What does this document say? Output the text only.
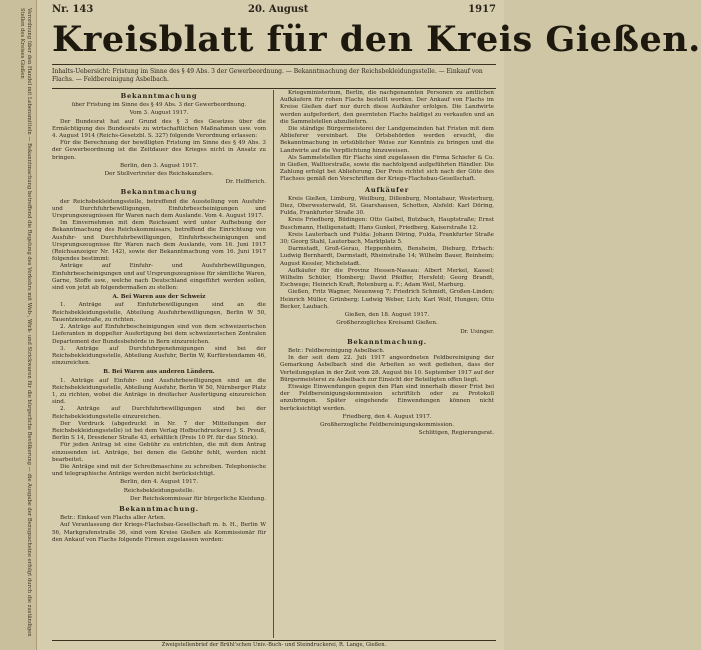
Verordnung über den Handel mit Lebensmitteln — Bekanntmachung betreffend die Regelung des Verkehrs mit Web-, Wirk- und Strickwaren für die bürgerliche Bevölkerung — die Ausgabe der Bezugsscheine erfolgt durch die zuständigen Stellen des Kreises Gießen	Nr. 143	20. August	1917
Kreisblatt für den Kreis Gießen.
Inhalts-Uebersicht: Fristung im Sinne des § 49 Abs. 3 der Gewerbeordnung. — Bekanntmachung der Reichsbekleidungsstelle. — Einkauf von Flachs. — Feldbereinigung Asbelbach.
Bekanntmachung
über Fristung im Sinne des § 49 Abs. 3 der Gewerbeordnung.
Vom 3. August 1917.
Der Bundesrat hat auf Grund des § 3 des Gesetzes über die Ermächtigung des Bundesrats zu wirtschaftlichen Maßnahmen usw. vom 4. August 1914 (Reichs-Gesetzbl. S. 327) folgende Verordnung erlassen:
Für die Berechnung der bewilligten Fristung im Sinne des § 49 Abs. 3 der Gewerbeordnung ist die Zeitdauer des Krieges nicht in Ansatz zu bringen.
Berlin, den 3. August 1917.
Der Stellvertreter des Reichskanzlers.
Dr. Helfferich.
Bekanntmachung
der Reichsbekleidungsstelle, betreffend die Ausstellung von Ausfuhr- und Durchfuhrbewilligungen, Einfuhrbescheinigungen und Ursprungszeugnissen für Waren nach dem Auslande. Vom 4. August 1917.
Im Einvernehmen mit dem Reichsamt wird unter Aufhebung der Bekanntmachung des Reichskommissars, betreffend die Einrichtung von Ausfuhr- und Durchfuhrbewilligungen, Einfuhrbescheinigungen und Ursprungszeugnisse für Waren nach dem Auslande, vom 16. Juni 1917 (Reichsanzeiger Nr. 142), sowie der Bekanntmachung vom 16. Juni 1917 folgendes bestimmt:
Anträge auf Einfuhr- und Ausfuhrbewilligungen, Einfuhrbescheinigungen und auf Ursprungszeugnisse für sämtliche Waren, Garne, Stoffe usw., welche nach Deutschland eingeführt werden sollen, sind von jetzt ab folgendermaßen zu stellen:
A. Bei Waren aus der Schweiz
1. Anträge auf Einfuhrbewilligungen sind an die Reichsbekleidungsstelle, Abteilung Ausfuhrbewilligungen, Berlin W 50, Tauentzienstraße, zu richten.
2. Anträge auf Einfuhrbescheinigungen sind von dem schweizerischen Lieferanten in doppelter Ausfertigung bei dem schweizerischen Zentralen Departement der Bundesbehörde in Bern einzureichen.
3. Anträge auf Durchfuhrgenehmigungen sind bei der Reichsbekleidungsstelle, Abteilung Ausfuhr, Berlin W, Kurfürstendamm 46, einzureichen.
B. Bei Waren aus anderen Ländern.
1. Anträge auf Einfuhr- und Ausfuhrbewilligungen sind an die Reichsbekleidungsstelle, Abteilung Ausfuhr, Berlin W 50, Nürnberger Platz 1, zu richten, wobei die Anträge in dreifacher Ausfertigung einzureichen sind.
2. Anträge auf Durchfuhrbewilligungen sind bei der Reichsbekleidungsstelle einzureichen.
Der Vordruck (abgedruckt in Nr. 7 der Mitteilungen der Reichsbekleidungsstelle) ist bei dem Verlag Hofbuchdruckerei J. S. Preuß, Berlin S 14, Dresdener Straße 43, erhältlich (Preis 10 Pf. für das Stück).
Für jeden Antrag ist eine Gebühr zu entrichten, die mit dem Antrag einzusenden ist. Anträge, bei denen die Gebühr fehlt, werden nicht bearbeitet.
Die Anträge sind mit der Schreibmaschine zu schreiben. Telephonische und telegraphische Anträge werden nicht berücksichtigt.
Berlin, den 4. August 1917.
Reichsbekleidungsstelle.
Der Reichskommissar für bürgerliche Kleidung.
Bekanntmachung.
Betr.: Einkauf von Flachs aller Arten.
Auf Veranlassung der Kriegs-Flachsbau-Gesellschaft m. b. H., Berlin W 56, Markgrafenstraße 36, sind vom Kreise Gießen als Kommissionär für den Ankauf von Flachs folgende Firmen zugelassen worden:
Kriegsministerium, Berlin, die nachgenannten Personen zu amtlichen Aufkäufern für rohen Flachs bestellt worden. Der Ankauf von Flachs im Kreise Gießen darf nur durch diese Aufkäufer erfolgen. Die Landwirte werden aufgefordert, den geernteten Flachs baldigst zu verkaufen und an die Sammelstellen abzuliefern.
Die ständige Bürgermeisterei der Landgemeinden hat Fristen mit dem Ablieferer vereinbart. Die Ortsbehörden werden ersucht, die Bekanntmachung in ortsüblicher Weise zur Kenntnis zu bringen und die Landwirte auf die Verpflichtung hinzuweisen.
Als Sammelstellen für Flachs sind zugelassen die Firma Schiefer & Co. in Gießen, Walltorstraße, sowie die nachfolgend aufgeführten Händler. Die Zahlung erfolgt bei Ablieferung. Der Preis richtet sich nach der Güte des Flachses gemäß den Vorschriften der Kriegs-Flachsbau-Gesellschaft.
Aufkäufer
Kreis Gießen, Limburg, Weilburg, Dillenburg, Montabaur, Westerburg, Diez, Oberwesterwald, St. Goarshausen, Schotten, Alsfeld: Karl Döring, Fulda, Frankfurter Straße 30.
Kreis Friedberg, Büdingen: Otto Gaibel, Butzbach, Hauptstraße; Ernst Buschmann, Heiligenstadt; Hans Gunkel, Friedberg, Kaiserstraße 12.
Kreis Lauterbach und Fulda: Johann Döring, Fulda, Frankfurter Straße 30; Georg Stahl, Lauterbach, Marktplatz 5.
Darmstadt, Groß-Gerau, Heppenheim, Bensheim, Dieburg, Erbach: Ludwig Bernhardt, Darmstadt, Rheinstraße 14; Wilhelm Bauer, Reinheim; August Kessler, Michelstadt.
Aufkäufer für die Provinz Hessen-Nassau: Albert Merkel, Kassel; Wilhelm Schüler, Homberg; David Pfeiffer, Hersfeld; Georg Brandt, Eschwege; Heinrich Kraft, Rotenburg a. F.; Adam Weil, Marburg.
Gießen, Fritz Wagner, Neuenweg 7; Friedrich Schmidt, Großen-Linden; Heinrich Müller, Grünberg; Ludwig Weber, Lich; Karl Wolf, Hungen; Otto Becker, Laubach.
Gießen, den 18. August 1917.
Großherzogliches Kreisamt Gießen.
Dr. Usinger.
Bekanntmachung.
Betr.: Feldbereinigung Asbelbach.
In der seit dem 22. Juli 1917 angeordneten Feldbereinigung der Gemarkung Asbelbach sind die Arbeiten so weit gediehen, dass der Verteilungsplan in der Zeit vom 28. August bis 10. September 1917 auf der Bürgermeisterei zu Asbelbach zur Einsicht der Beteiligten offen liegt.
Etwaige Einwendungen gegen den Plan sind innerhalb dieser Frist bei der Feldbereinigungskommission schriftlich oder zu Protokoll anzubringen. Später eingehende Einwendungen können nicht berücksichtigt werden.
Friedberg, den 4. August 1917.
Großherzogliche Feldbereinigungskommission.
Schlittgen, Regierungsrat.
Zweigstellenbrief der Brühl'schen Univ.-Buch- und Steindruckerei, R. Lange, Gießen.
